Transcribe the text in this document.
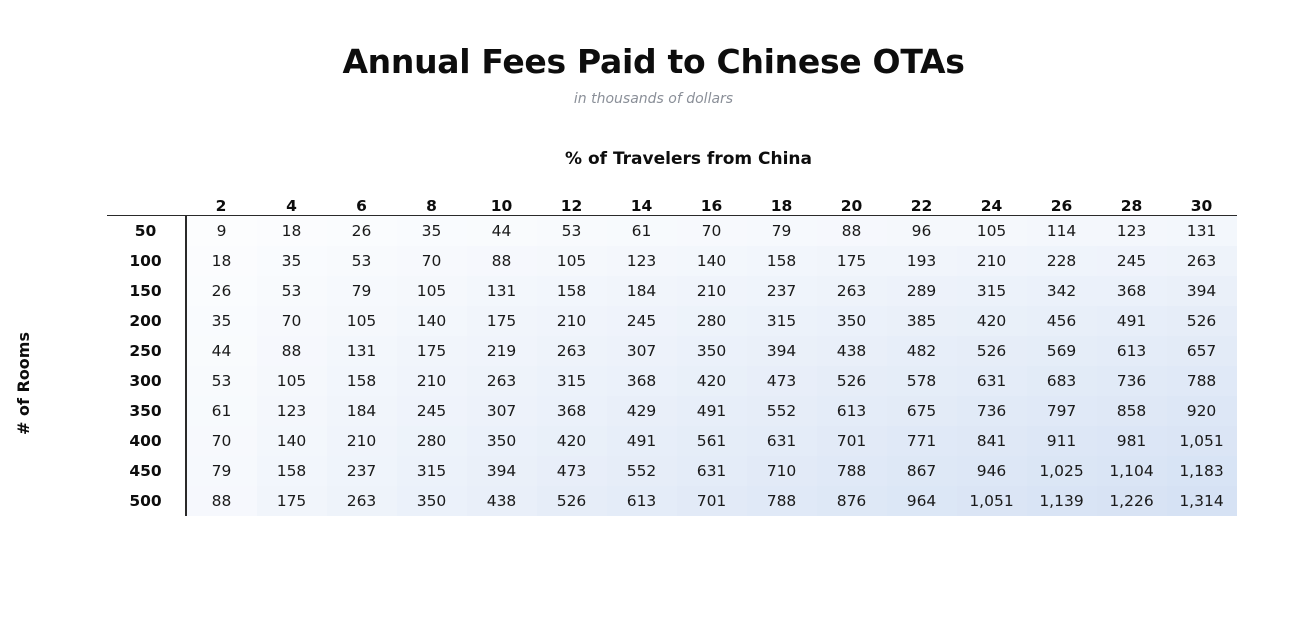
Annual Fees Paid to Chinese OTAs
in thousands of dollars
% of Travelers from China
# of Rooms
	2	4	6	8	10	12	14	16	18	20	22	24	26	28	30
50	9	18	26	35	44	53	61	70	79	88	96	105	114	123	131
100	18	35	53	70	88	105	123	140	158	175	193	210	228	245	263
150	26	53	79	105	131	158	184	210	237	263	289	315	342	368	394
200	35	70	105	140	175	210	245	280	315	350	385	420	456	491	526
250	44	88	131	175	219	263	307	350	394	438	482	526	569	613	657
300	53	105	158	210	263	315	368	420	473	526	578	631	683	736	788
350	61	123	184	245	307	368	429	491	552	613	675	736	797	858	920
400	70	140	210	280	350	420	491	561	631	701	771	841	911	981	1,051
450	79	158	237	315	394	473	552	631	710	788	867	946	1,025	1,104	1,183
500	88	175	263	350	438	526	613	701	788	876	964	1,051	1,139	1,226	1,314
